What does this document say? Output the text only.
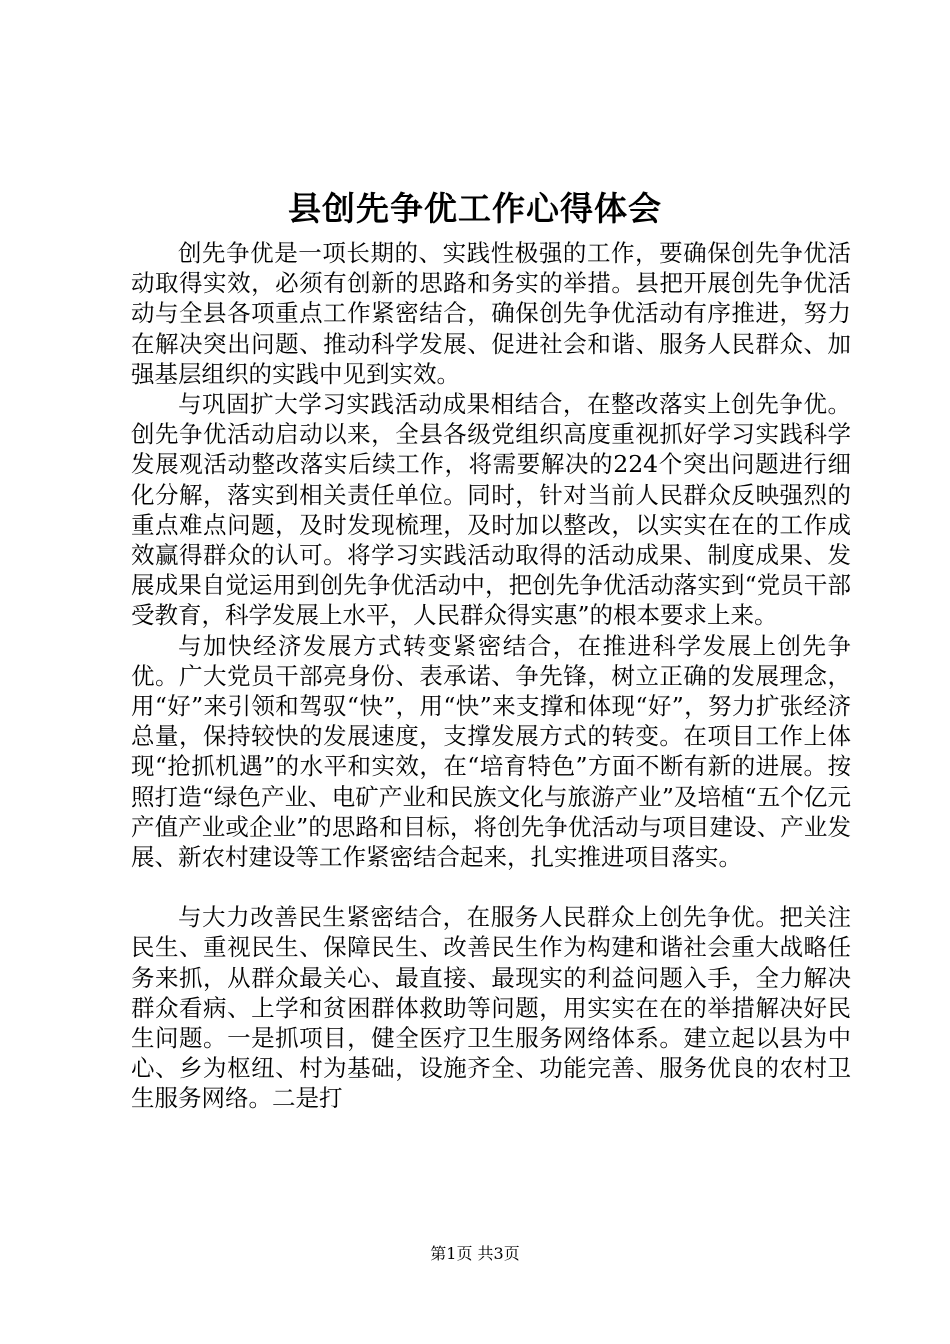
县创先争优工作心得体会

创先争优是一项长期的、实践性极强的工作，要确保创先争优活动取得实效，必须有创新的思路和务实的举措。县把开展创先争优活动与全县各项重点工作紧密结合，确保创先争优活动有序推进，努力在解决突出问题、推动科学发展、促进社会和谐、服务人民群众、加强基层组织的实践中见到实效。

与巩固扩大学习实践活动成果相结合，在整改落实上创先争优。创先争优活动启动以来，全县各级党组织高度重视抓好学习实践科学发展观活动整改落实后续工作，将需要解决的224个突出问题进行细化分解，落实到相关责任单位。同时，针对当前人民群众反映强烈的重点难点问题，及时发现梳理，及时加以整改，以实实在在的工作成效赢得群众的认可。将学习实践活动取得的活动成果、制度成果、发展成果自觉运用到创先争优活动中，把创先争优活动落实到“党员干部受教育，科学发展上水平，人民群众得实惠”的根本要求上来。

与加快经济发展方式转变紧密结合，在推进科学发展上创先争优。广大党员干部亮身份、表承诺、争先锋，树立正确的发展理念，用“好”来引领和驾驭“快”，用“快”来支撑和体现“好”，努力扩张经济总量，保持较快的发展速度，支撑发展方式的转变。在项目工作上体现“抢抓机遇”的水平和实效，在“培育特色”方面不断有新的进展。按照打造“绿色产业、电矿产业和民族文化与旅游产业”及培植“五个亿元产值产业或企业”的思路和目标，将创先争优活动与项目建设、产业发展、新农村建设等工作紧密结合起来，扎实推进项目落实。

与大力改善民生紧密结合，在服务人民群众上创先争优。把关注民生、重视民生、保障民生、改善民生作为构建和谐社会重大战略任务来抓，从群众最关心、最直接、最现实的利益问题入手，全力解决群众看病、上学和贫困群体救助等问题，用实实在在的举措解决好民生问题。一是抓项目，健全医疗卫生服务网络体系。建立起以县为中心、乡为枢纽、村为基础，设施齐全、功能完善、服务优良的农村卫生服务网络。二是打

第1页 共3页
